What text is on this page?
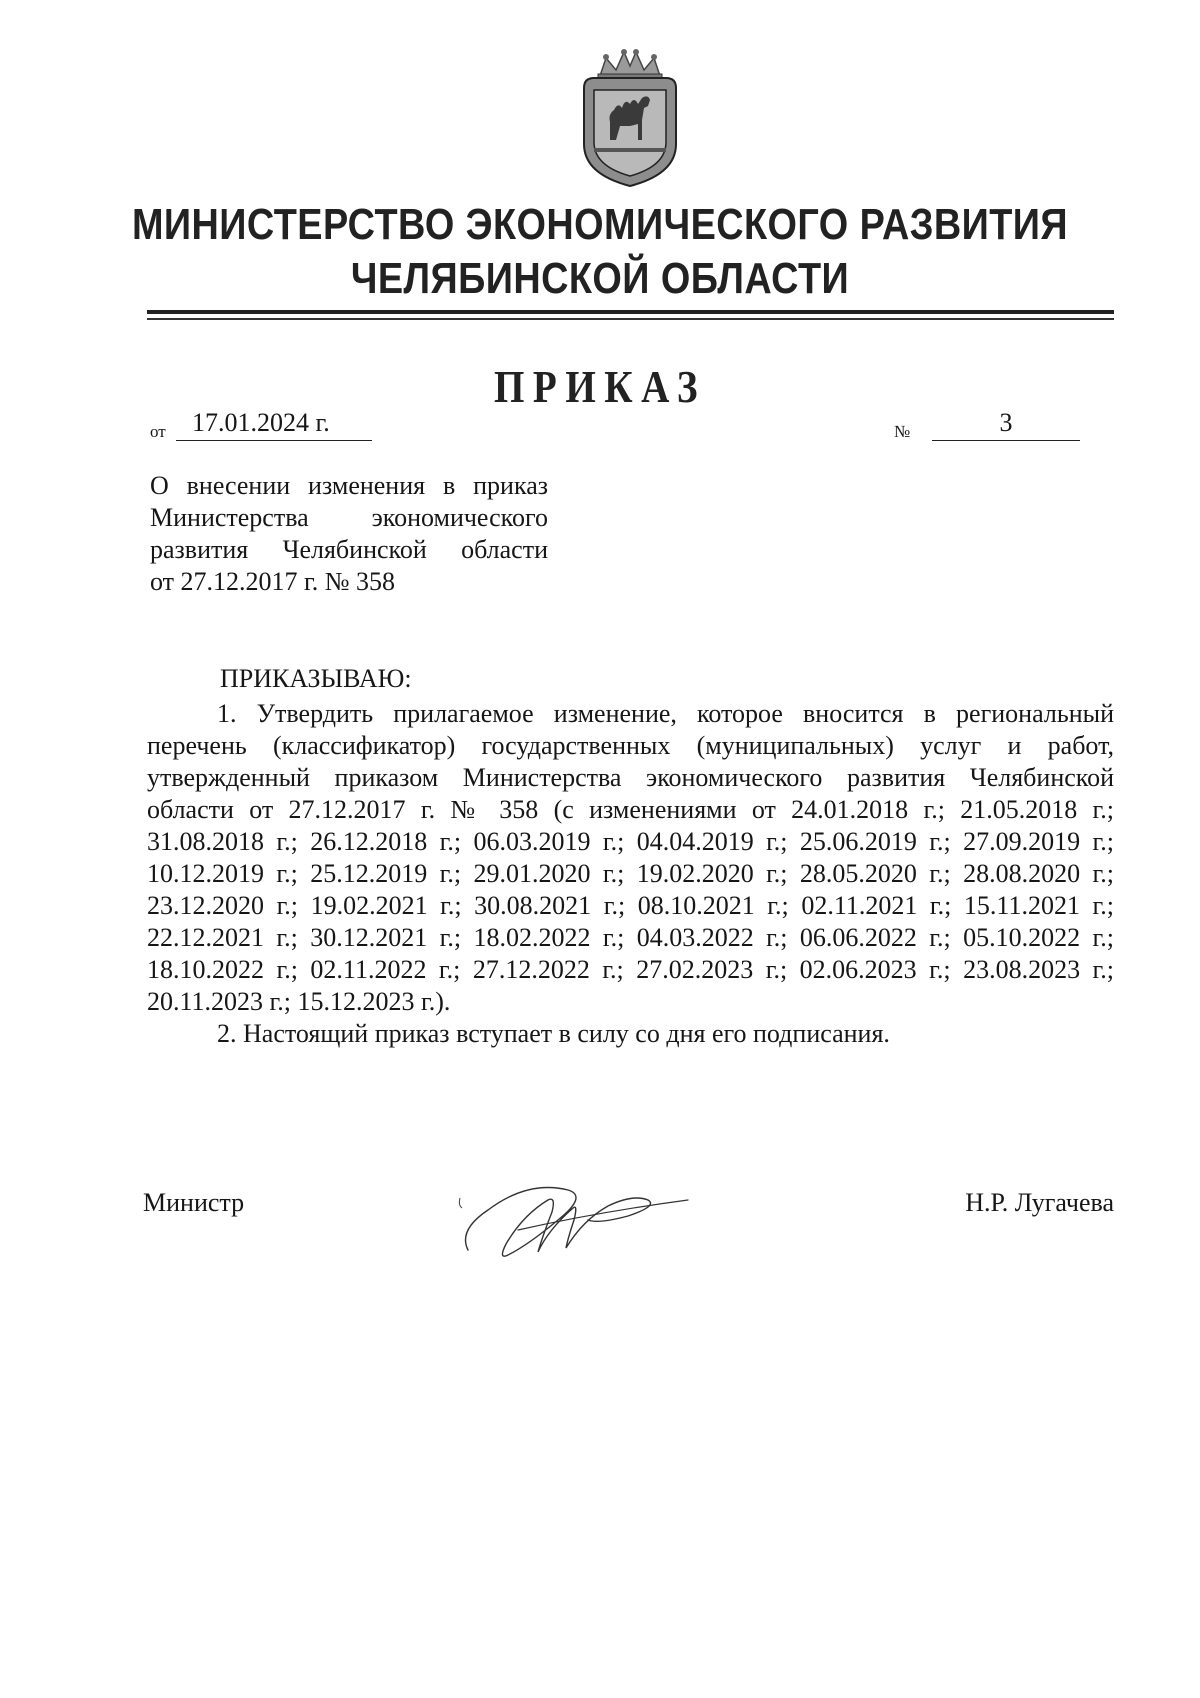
МИНИСТЕРСТВО ЭКОНОМИЧЕСКОГО РАЗВИТИЯ
ЧЕЛЯБИНСКОЙ ОБЛАСТИ
ПРИКАЗ
от	17.01.2024 г.	№	3
О внесении изменения в приказ
Министерства экономического
развития Челябинской области
от 27.12.2017 г. № 358
ПРИКАЗЫВАЮ:
1. Утвердить прилагаемое изменение, которое вносится в региональный перечень (классификатор) государственных (муниципальных) услуг и работ, утвержденный приказом Министерства экономического развития Челябинской области от 27.12.2017 г. № 358 (с изменениями от 24.01.2018 г.; 21.05.2018 г.; 31.08.2018 г.; 26.12.2018 г.; 06.03.2019 г.; 04.04.2019 г.; 25.06.2019 г.; 27.09.2019 г.; 10.12.2019 г.; 25.12.2019 г.; 29.01.2020 г.; 19.02.2020 г.; 28.05.2020 г.; 28.08.2020 г.; 23.12.2020 г.; 19.02.2021 г.; 30.08.2021 г.; 08.10.2021 г.; 02.11.2021 г.; 15.11.2021 г.; 22.12.2021 г.; 30.12.2021 г.; 18.02.2022 г.; 04.03.2022 г.; 06.06.2022 г.; 05.10.2022 г.; 18.10.2022 г.; 02.11.2022 г.; 27.12.2022 г.; 27.02.2023 г.; 02.06.2023 г.; 23.08.2023 г.; 20.11.2023 г.; 15.12.2023 г.).
2. Настоящий приказ вступает в силу со дня его подписания.
Министр	Н.Р. Лугачева
